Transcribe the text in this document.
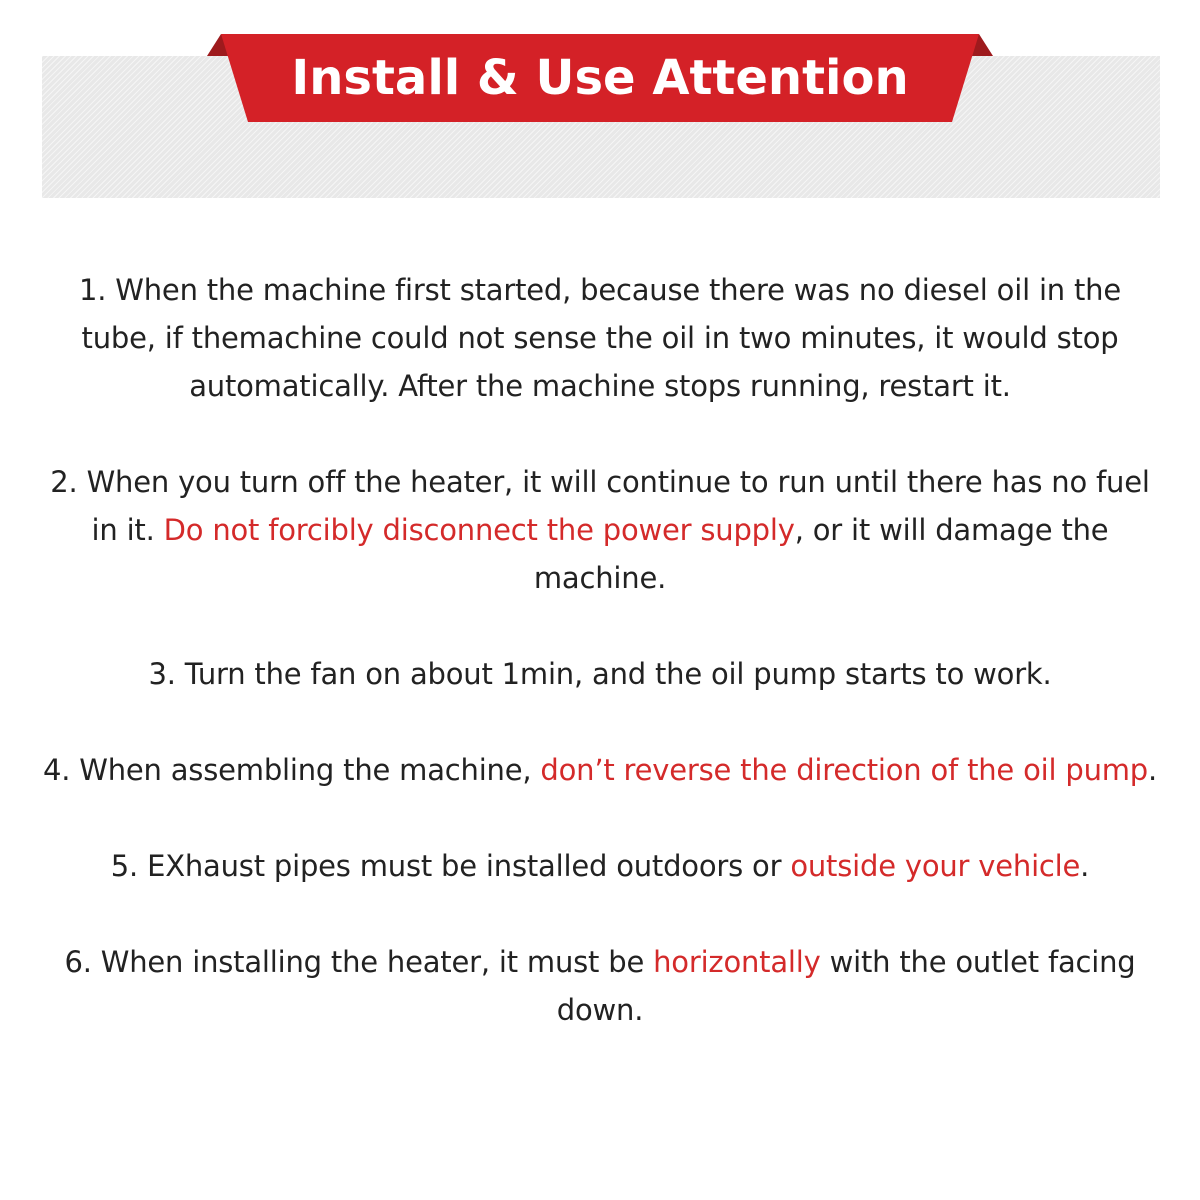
Install & Use Attention

1. When the machine first started, because there was no diesel oil in the tube, if themachine could not sense the oil in two minutes, it would stop automatically. After the machine stops running, restart it.

2. When you turn off the heater, it will continue to run until there has no fuel in it. Do not forcibly disconnect the power supply, or it will damage the machine.

3. Turn the fan on about 1min, and the oil pump starts to work.

4. When assembling the machine, don’t reverse the direction of the oil pump.

5. EXhaust pipes must be installed outdoors or outside your vehicle.

6. When installing the heater, it must be horizontally with the outlet facing down.
